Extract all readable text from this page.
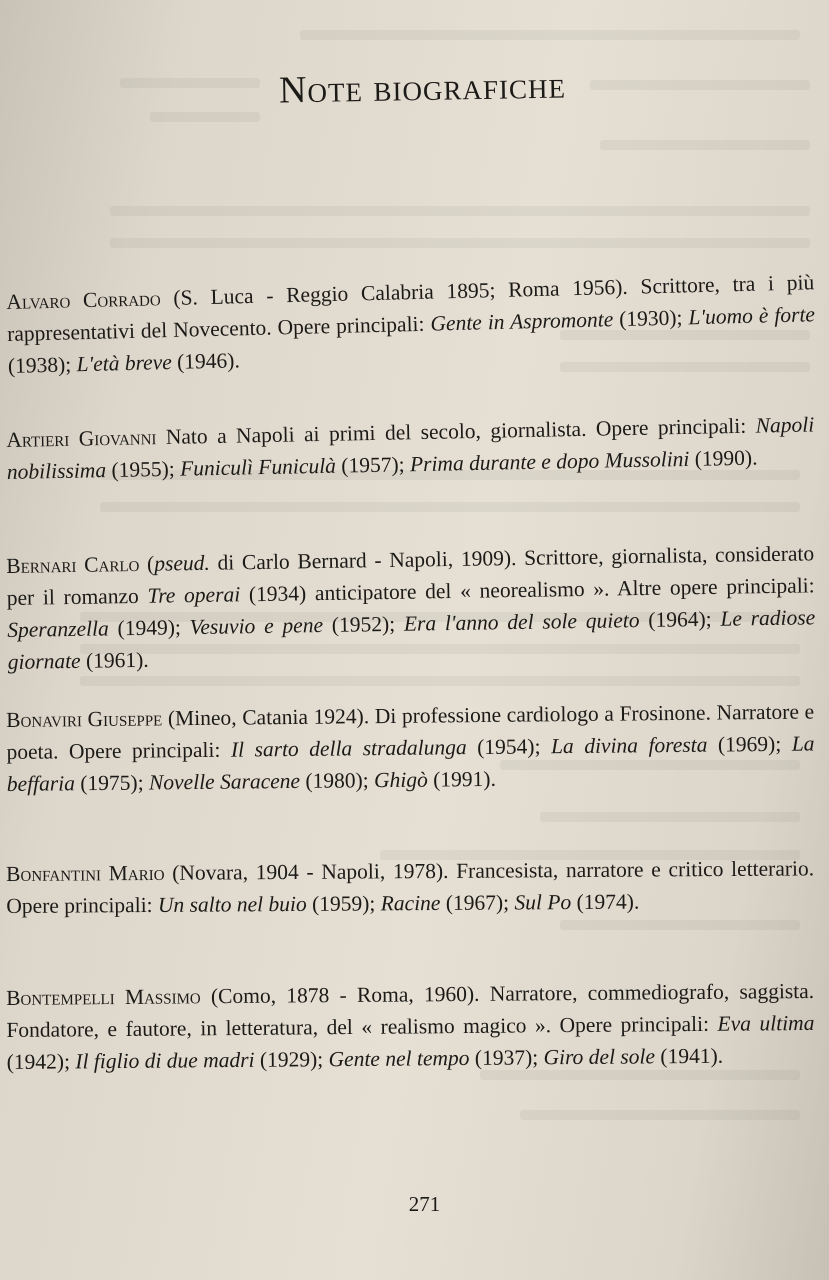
Note biografiche

Alvaro Corrado (S. Luca - Reggio Calabria 1895; Roma 1956). Scrittore, tra i più rappresentativi del Novecento. Opere principali: Gente in Aspromonte (1930); L'uomo è forte (1938); L'età breve (1946).

Artieri Giovanni Nato a Napoli ai primi del secolo, giornalista. Opere principali: Napoli nobilissima (1955); Funiculì Funiculà (1957); Prima durante e dopo Mussolini (1990).

Bernari Carlo (pseud. di Carlo Bernard - Napoli, 1909). Scrittore, giornalista, considerato per il romanzo Tre operai (1934) anticipatore del « neorealismo ». Altre opere principali: Speranzella (1949); Vesuvio e pene (1952); Era l'anno del sole quieto (1964); Le radiose giornate (1961).

Bonaviri Giuseppe (Mineo, Catania 1924). Di professione cardiologo a Frosinone. Narratore e poeta. Opere principali: Il sarto della stradalunga (1954); La divina foresta (1969); La beffaria (1975); Novelle Saracene (1980); Ghigò (1991).

Bonfantini Mario (Novara, 1904 - Napoli, 1978). Francesista, narratore e critico letterario. Opere principali: Un salto nel buio (1959); Racine (1967); Sul Po (1974).

Bontempelli Massimo (Como, 1878 - Roma, 1960). Narratore, commediografo, saggista. Fondatore, e fautore, in letteratura, del « realismo magico ». Opere principali: Eva ultima (1942); Il figlio di due madri (1929); Gente nel tempo (1937); Giro del sole (1941).

271
